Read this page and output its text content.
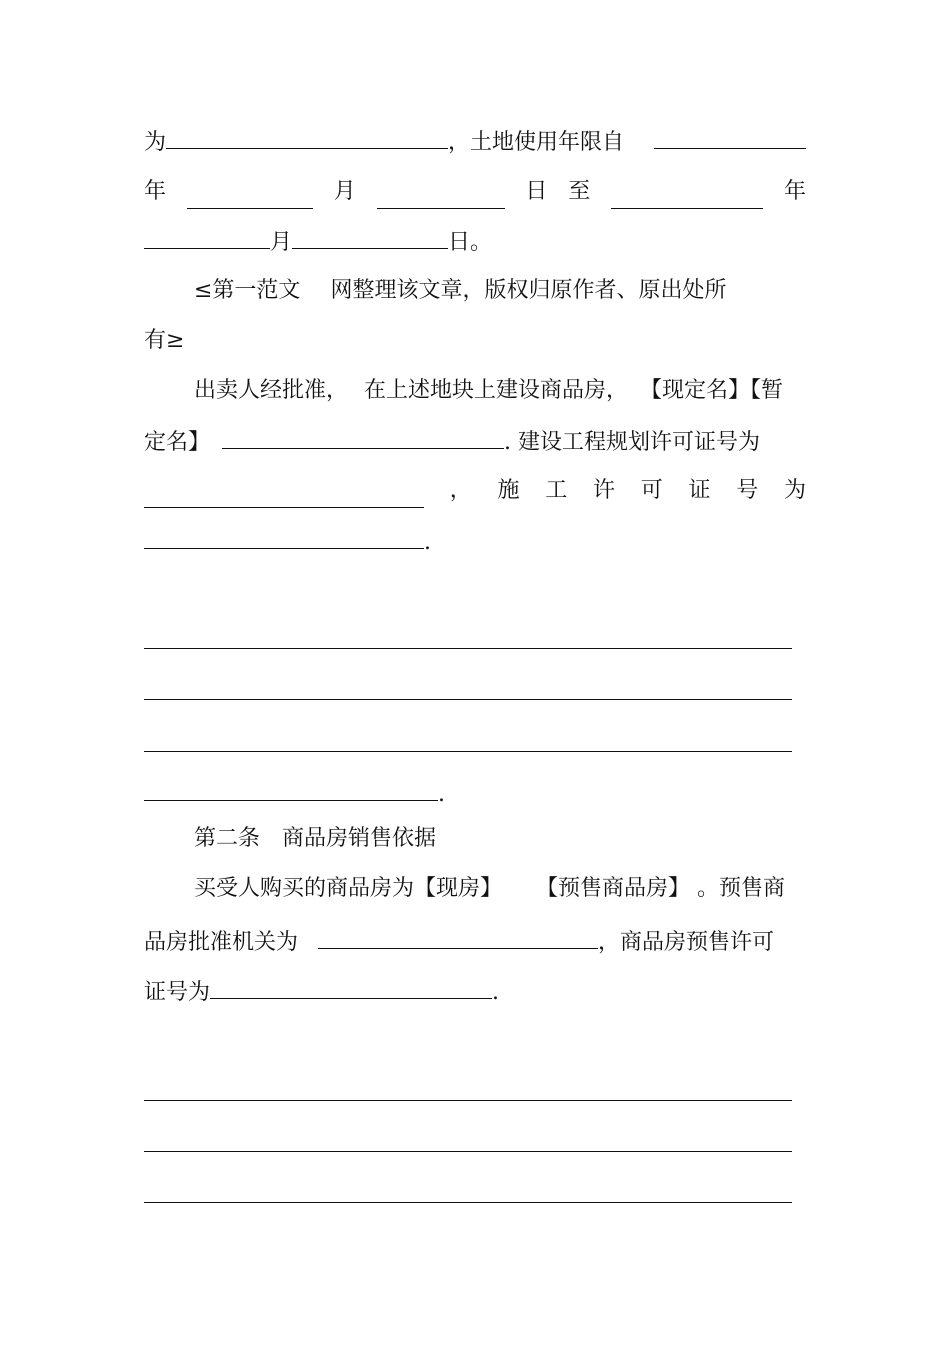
为	，土地使用年限自
年	月	日 至	年
月	日。
≤第一范文 网整理该文章，版权归原作者、原出处所
有≥
出卖人经批准， 在上述地块上建设商品房， 【现定名】【暂
定名】	. 建设工程规划许可证号为
， 施 工 许 可 证 号 为
.
.
第二条 商品房销售依据
买受人购买的商品房为【现房】 【预售商品房】 。预售商
品房批准机关为	，商品房预售许可
证号为	.
